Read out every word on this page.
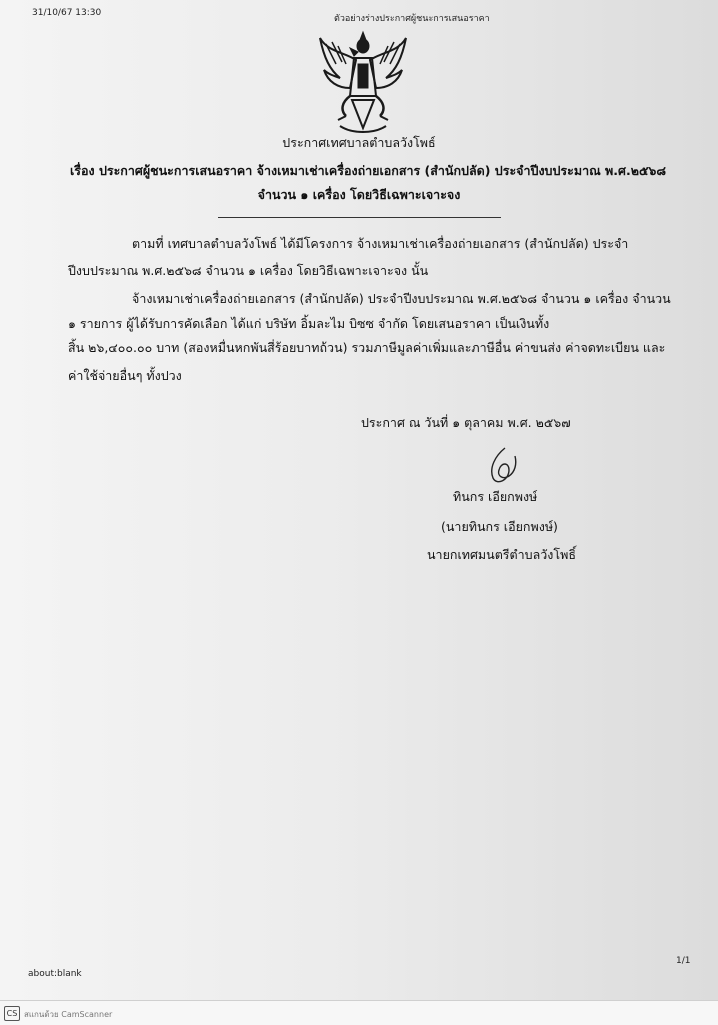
31/10/67 13:30
ตัวอย่างร่างประกาศผู้ชนะการเสนอราคา
ประกาศเทศบาลตำบลวังโพธ์
เรื่อง ประกาศผู้ชนะการเสนอราคา จ้างเหมาเช่าเครื่องถ่ายเอกสาร (สำนักปลัด) ประจำปีงบประมาณ พ.ศ.๒๕๖๘
จำนวน ๑ เครื่อง โดยวิธีเฉพาะเจาะจง
ตามที่ เทศบาลตำบลวังโพธ์ ได้มีโครงการ จ้างเหมาเช่าเครื่องถ่ายเอกสาร (สำนักปลัด) ประจำ
ปีงบประมาณ พ.ศ.๒๕๖๘ จำนวน ๑ เครื่อง โดยวิธีเฉพาะเจาะจง นั้น
จ้างเหมาเช่าเครื่องถ่ายเอกสาร (สำนักปลัด) ประจำปีงบประมาณ พ.ศ.๒๕๖๘ จำนวน ๑ เครื่อง จำนวน
๑ รายการ ผู้ได้รับการคัดเลือก ได้แก่ บริษัท อิ้มละไม บิซซ จำกัด โดยเสนอราคา เป็นเงินทั้ง
สิ้น ๒๖,๔๐๐.๐๐ บาท (สองหมื่นหกพันสี่ร้อยบาทถ้วน) รวมภาษีมูลค่าเพิ่มและภาษีอื่น ค่าขนส่ง ค่าจดทะเบียน และ
ค่าใช้จ่ายอื่นๆ ทั้งปวง
ประกาศ ณ วันที่ ๑ ตุลาคม พ.ศ. ๒๕๖๗
ทินกร เอียกพงษ์
(นายทินกร เอียกพงษ์)
นายกเทศมนตรีตำบลวังโพธิ์
about:blank
1/1
CS สแกนด้วย CamScanner
